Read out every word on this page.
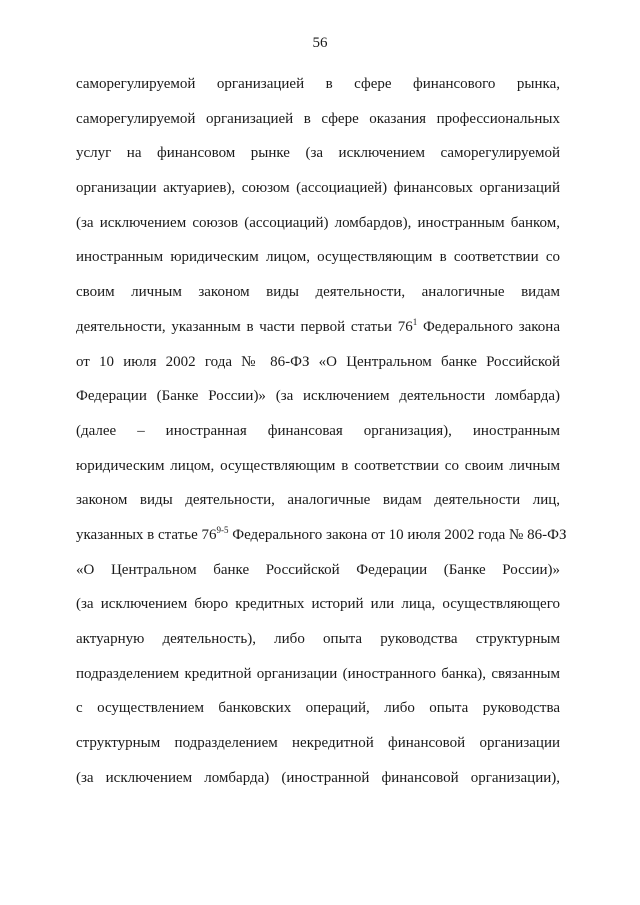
56
саморегулируемой организацией в сфере финансового рынка,
саморегулируемой организацией в сфере оказания профессиональных
услуг на финансовом рынке (за исключением саморегулируемой
организации актуариев), союзом (ассоциацией) финансовых организаций
(за исключением союзов (ассоциаций) ломбардов), иностранным банком,
иностранным юридическим лицом, осуществляющим в соответствии со
своим личным законом виды деятельности, аналогичные видам
деятельности, указанным в части первой статьи $76^1$ Федерального закона
от 10 июля 2002 года № 86-ФЗ «О Центральном банке Российской
Федерации (Банке России)» (за исключением деятельности ломбарда)
(далее – иностранная финансовая организация), иностранным
юридическим лицом, осуществляющим в соответствии со своим личным
законом виды деятельности, аналогичные видам деятельности лиц,
указанных в статье 76$^{9-5}$ Федерального закона от 10 июля 2002 года № 86-ФЗ
«О Центральном банке Российской Федерации (Банке России)»
(за исключением бюро кредитных историй или лица, осуществляющего
актуарную деятельность), либо опыта руководства структурным
подразделением кредитной организации (иностранного банка), связанным
с осуществлением банковских операций, либо опыта руководства
структурным подразделением некредитной финансовой организации
(за исключением ломбарда) (иностранной финансовой организации),
